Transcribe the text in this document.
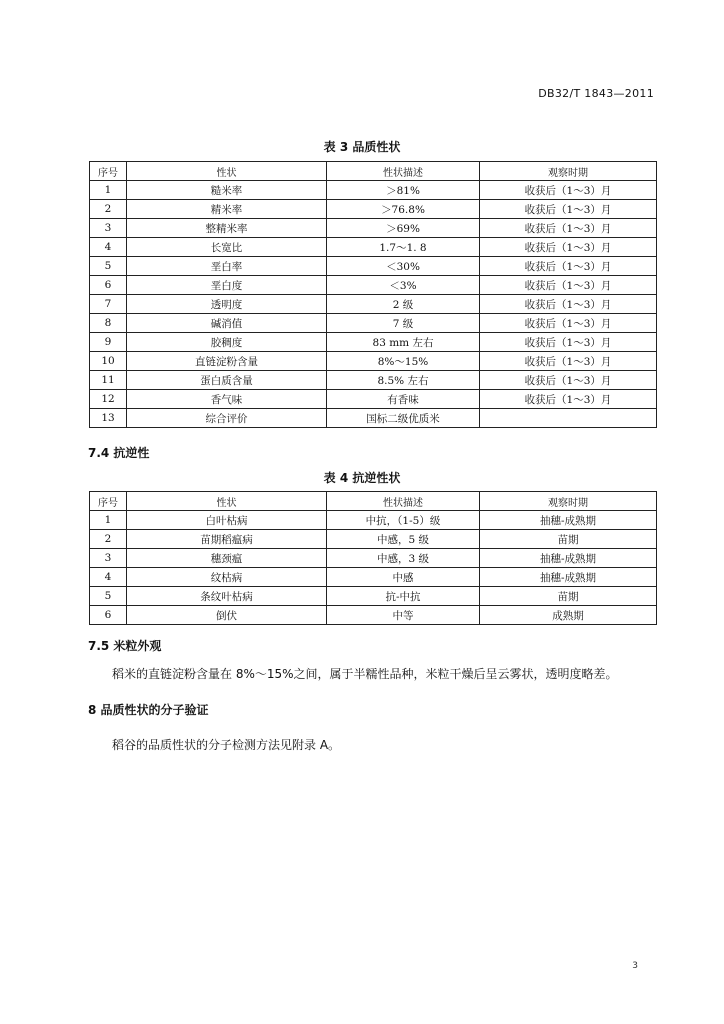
DB32/T 1843—2011
表 3 品质性状
序号	性状	性状描述	观察时期
1	糙米率	＞81%	收获后（1～3）月
2	精米率	＞76.8%	收获后（1～3）月
3	整精米率	＞69%	收获后（1～3）月
4	长宽比	1.7～1. 8	收获后（1～3）月
5	垩白率	＜30%	收获后（1～3）月
6	垩白度	＜3%	收获后（1～3）月
7	透明度	2 级	收获后（1～3）月
8	碱消值	7 级	收获后（1～3）月
9	胶稠度	83 mm 左右	收获后（1～3）月
10	直链淀粉含量	8%～15%	收获后（1～3）月
11	蛋白质含量	8.5% 左右	收获后（1～3）月
12	香气味	有香味	收获后（1～3）月
13	综合评价	国标二级优质米	
7.4 抗逆性
表 4 抗逆性状
序号	性状	性状描述	观察时期
1	白叶枯病	中抗，（1-5）级	抽穗-成熟期
2	苗期稻瘟病	中感，5 级	苗期
3	穗颈瘟	中感，3 级	抽穗-成熟期
4	纹枯病	中感	抽穗-成熟期
5	条纹叶枯病	抗-中抗	苗期
6	倒伏	中等	成熟期
7.5 米粒外观
稻米的直链淀粉含量在 8%～15%之间，属于半糯性品种，米粒干燥后呈云雾状，透明度略差。
8 品质性状的分子验证
稻谷的品质性状的分子检测方法见附录 A。
3
